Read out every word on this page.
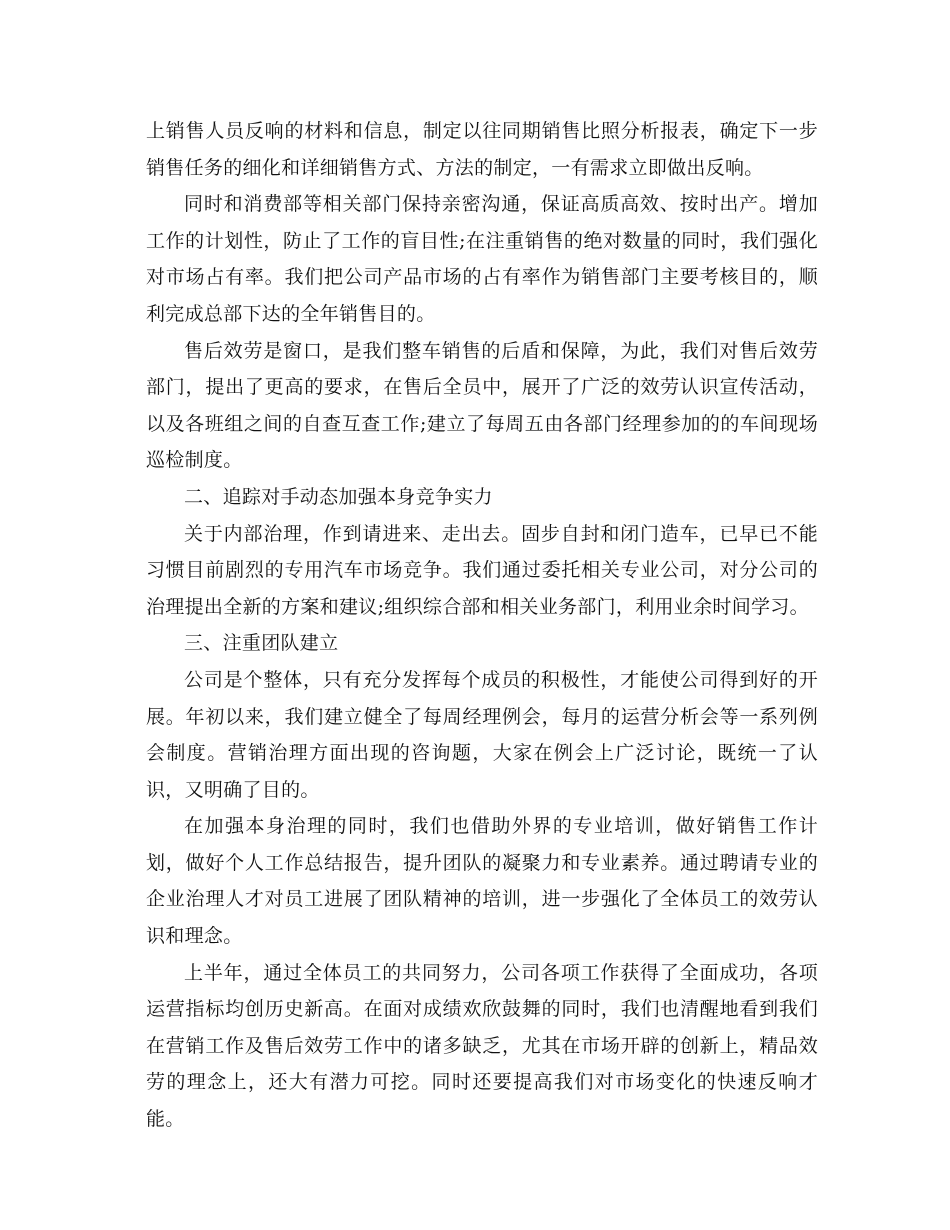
上销售人员反响的材料和信息，制定以往同期销售比照分析报表，确定下一步销售任务的细化和详细销售方式、方法的制定，一有需求立即做出反响。

同时和消费部等相关部门保持亲密沟通，保证高质高效、按时出产。增加工作的计划性，防止了工作的盲目性;在注重销售的绝对数量的同时，我们强化对市场占有率。我们把公司产品市场的占有率作为销售部门主要考核目的，顺利完成总部下达的全年销售目的。

售后效劳是窗口，是我们整车销售的后盾和保障，为此，我们对售后效劳部门，提出了更高的要求，在售后全员中，展开了广泛的效劳认识宣传活动，以及各班组之间的自查互查工作;建立了每周五由各部门经理参加的的车间现场巡检制度。

二、追踪对手动态加强本身竞争实力

关于内部治理，作到请进来、走出去。固步自封和闭门造车，已早已不能习惯目前剧烈的专用汽车市场竞争。我们通过委托相关专业公司，对分公司的治理提出全新的方案和建议;组织综合部和相关业务部门，利用业余时间学习。

三、注重团队建立

公司是个整体，只有充分发挥每个成员的积极性，才能使公司得到好的开展。年初以来，我们建立健全了每周经理例会，每月的运营分析会等一系列例会制度。营销治理方面出现的咨询题，大家在例会上广泛讨论，既统一了认识，又明确了目的。

在加强本身治理的同时，我们也借助外界的专业培训，做好销售工作计划，做好个人工作总结报告，提升团队的凝聚力和专业素养。通过聘请专业的企业治理人才对员工进展了团队精神的培训，进一步强化了全体员工的效劳认识和理念。

上半年，通过全体员工的共同努力，公司各项工作获得了全面成功，各项运营指标均创历史新高。在面对成绩欢欣鼓舞的同时，我们也清醒地看到我们在营销工作及售后效劳工作中的诸多缺乏，尤其在市场开辟的创新上，精品效劳的理念上，还大有潜力可挖。同时还要提高我们对市场变化的快速反响才能。
